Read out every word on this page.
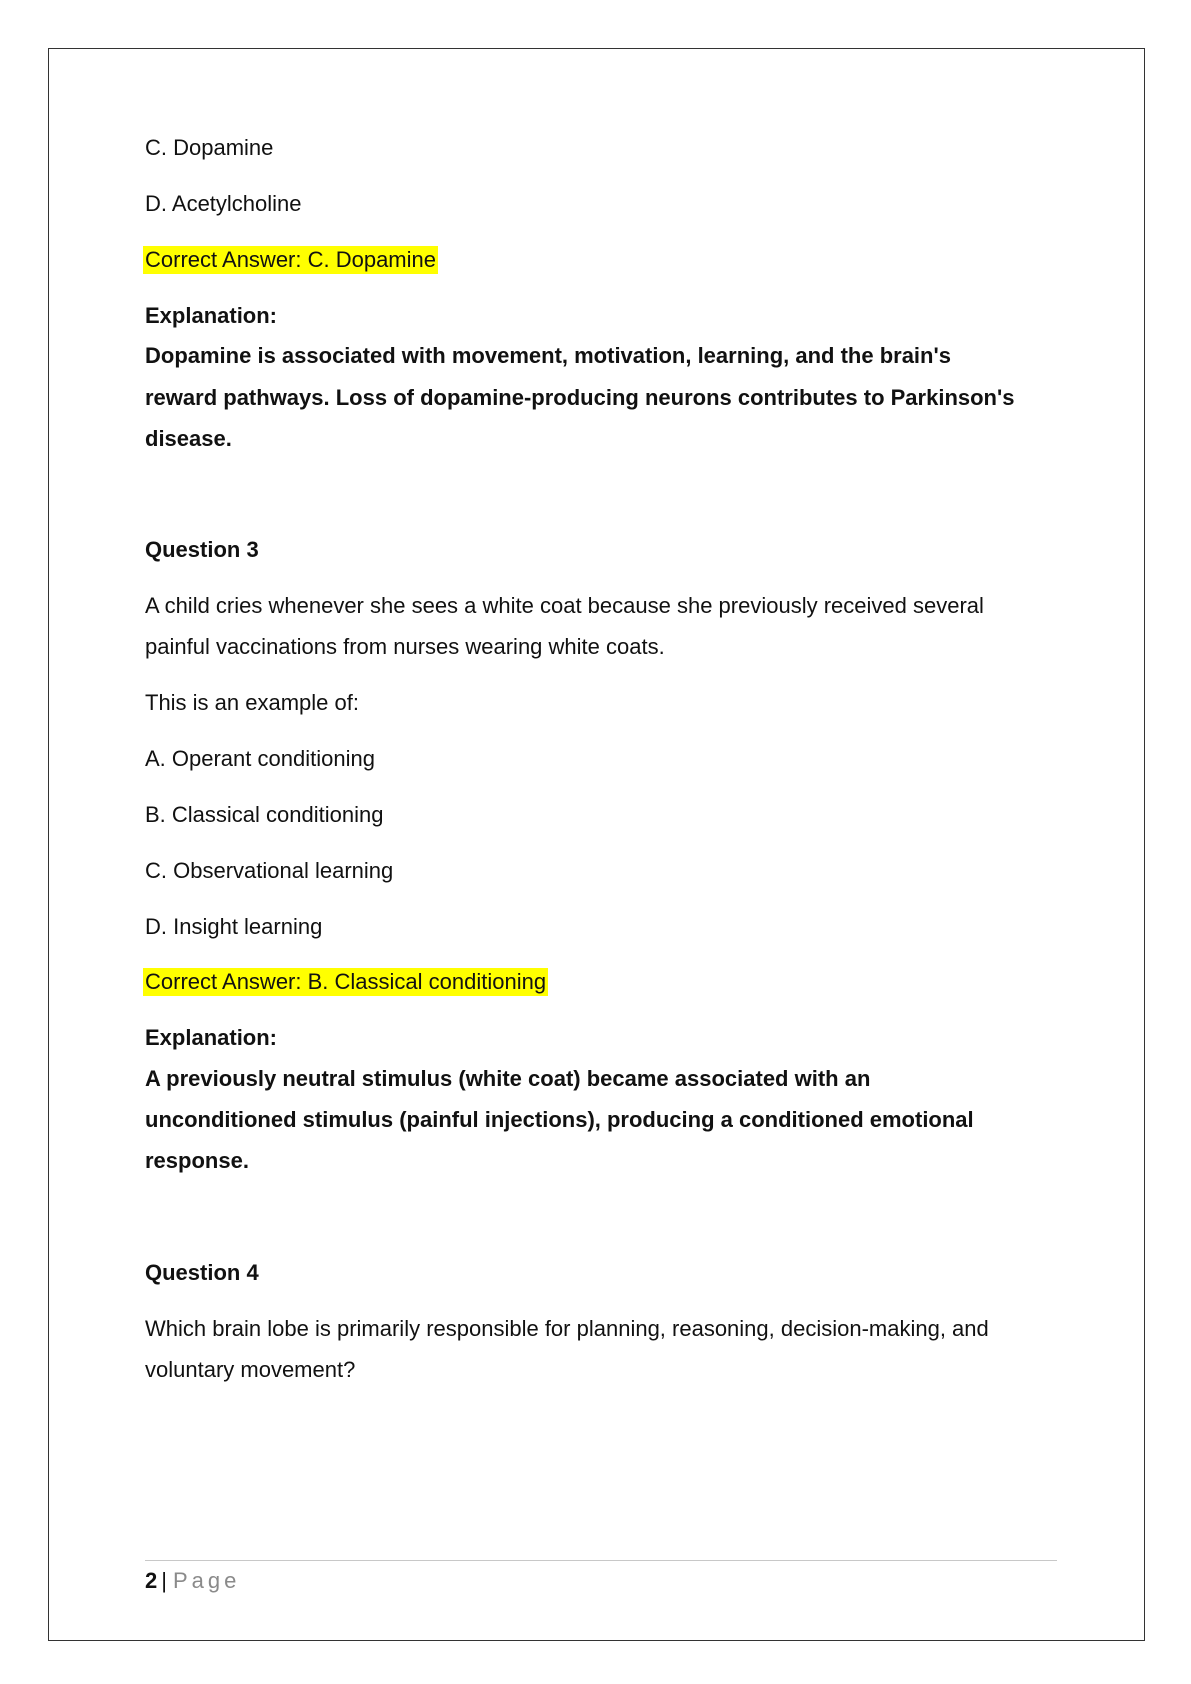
C. Dopamine

D. Acetylcholine

Correct Answer: C. Dopamine

Explanation:

Dopamine is associated with movement, motivation, learning, and the brain's

reward pathways. Loss of dopamine-producing neurons contributes to Parkinson's

disease.

Question 3

A child cries whenever she sees a white coat because she previously received several

painful vaccinations from nurses wearing white coats.

This is an example of:

A. Operant conditioning

B. Classical conditioning

C. Observational learning

D. Insight learning

Correct Answer: B. Classical conditioning

Explanation:

A previously neutral stimulus (white coat) became associated with an

unconditioned stimulus (painful injections), producing a conditioned emotional

response.

Question 4

Which brain lobe is primarily responsible for planning, reasoning, decision-making, and

voluntary movement?

2 | Page
